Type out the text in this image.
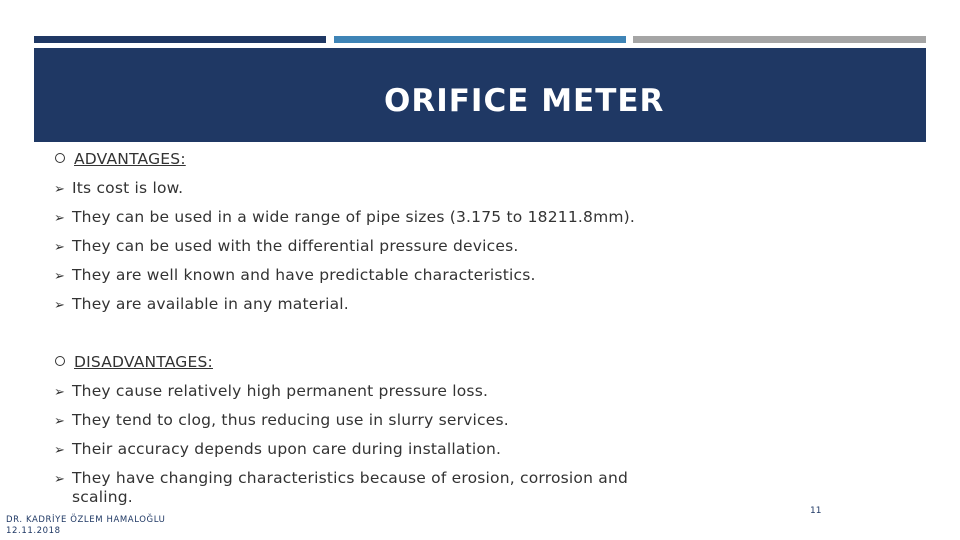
ORIFICE METER
ADVANTAGES:
➢ Its cost is low.
➢ They can be used in a wide range of pipe sizes (3.175 to 18211.8mm).
➢ They can be used with the differential pressure devices.
➢ They are well known and have predictable characteristics.
➢ They are available in any material.
DISADVANTAGES:
➢ They cause relatively high permanent pressure loss.
➢ They tend to clog, thus reducing use in slurry services.
➢ Their accuracy depends upon care during installation.
➢ They have changing characteristics because of erosion, corrosion and scaling.
DR. KADRİYE ÖZLEM HAMALOĞLU
12.11.2018
11
